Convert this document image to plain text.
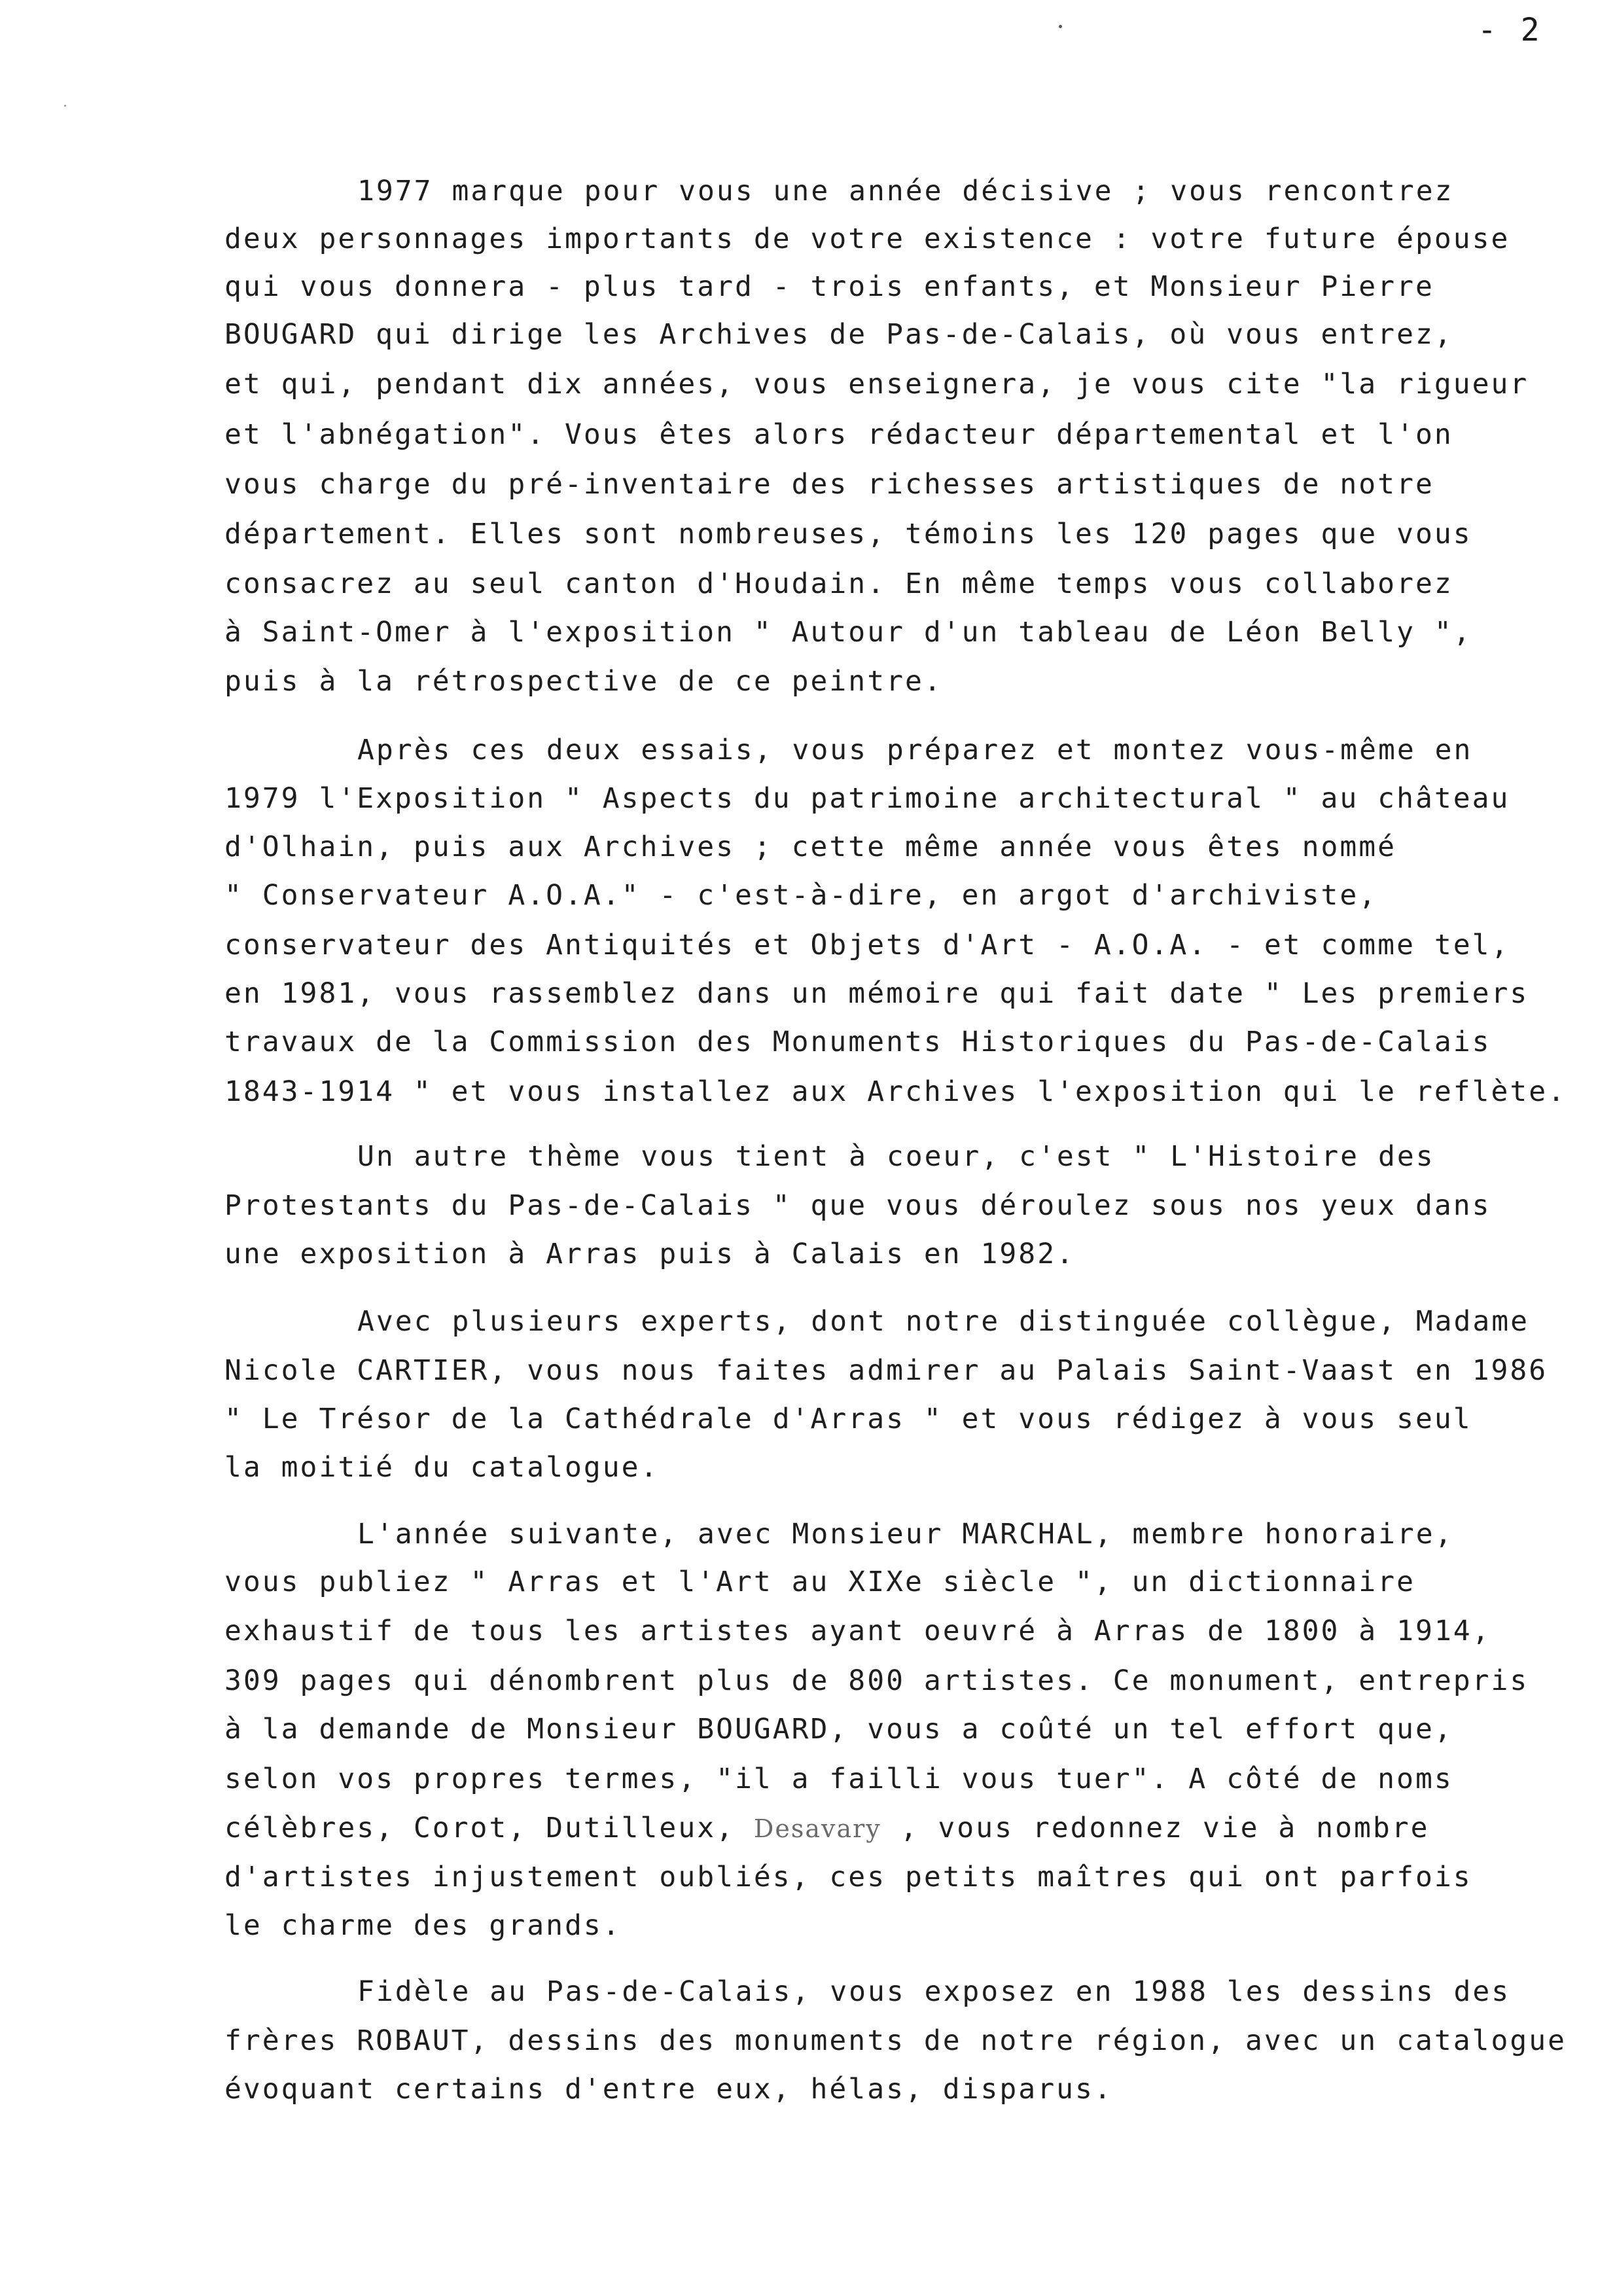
- 2
1977 marque pour vous une année décisive ; vous rencontrez
deux personnages importants de votre existence : votre future épouse
qui vous donnera - plus tard - trois enfants, et Monsieur Pierre
BOUGARD qui dirige les Archives de Pas-de-Calais, où vous entrez,
et qui, pendant dix années, vous enseignera, je vous cite "la rigueur
et l'abnégation". Vous êtes alors rédacteur départemental et l'on
vous charge du pré-inventaire des richesses artistiques de notre
département. Elles sont nombreuses, témoins les 120 pages que vous
consacrez au seul canton d'Houdain. En même temps vous collaborez
à Saint-Omer à l'exposition " Autour d'un tableau de Léon Belly ",
puis à la rétrospective de ce peintre.
Après ces deux essais, vous préparez et montez vous-même en
1979 l'Exposition " Aspects du patrimoine architectural " au château
d'Olhain, puis aux Archives ; cette même année vous êtes nommé
" Conservateur A.O.A." - c'est-à-dire, en argot d'archiviste,
conservateur des Antiquités et Objets d'Art - A.O.A. - et comme tel,
en 1981, vous rassemblez dans un mémoire qui fait date " Les premiers
travaux de la Commission des Monuments Historiques du Pas-de-Calais
1843-1914 " et vous installez aux Archives l'exposition qui le reflète.
Un autre thème vous tient à coeur, c'est " L'Histoire des
Protestants du Pas-de-Calais " que vous déroulez sous nos yeux dans
une exposition à Arras puis à Calais en 1982.
Avec plusieurs experts, dont notre distinguée collègue, Madame
Nicole CARTIER, vous nous faites admirer au Palais Saint-Vaast en 1986
" Le Trésor de la Cathédrale d'Arras " et vous rédigez à vous seul
la moitié du catalogue.
L'année suivante, avec Monsieur MARCHAL, membre honoraire,
vous publiez " Arras et l'Art au XIXe siècle ", un dictionnaire
exhaustif de tous les artistes ayant oeuvré à Arras de 1800 à 1914,
309 pages qui dénombrent plus de 800 artistes. Ce monument, entrepris
à la demande de Monsieur BOUGARD, vous a coûté un tel effort que,
selon vos propres termes, "il a failli vous tuer". A côté de noms
célèbres, Corot, Dutilleux, Desavary , vous redonnez vie à nombre
d'artistes injustement oubliés, ces petits maîtres qui ont parfois
le charme des grands.
Fidèle au Pas-de-Calais, vous exposez en 1988 les dessins des
frères ROBAUT, dessins des monuments de notre région, avec un catalogue
évoquant certains d'entre eux, hélas, disparus.
